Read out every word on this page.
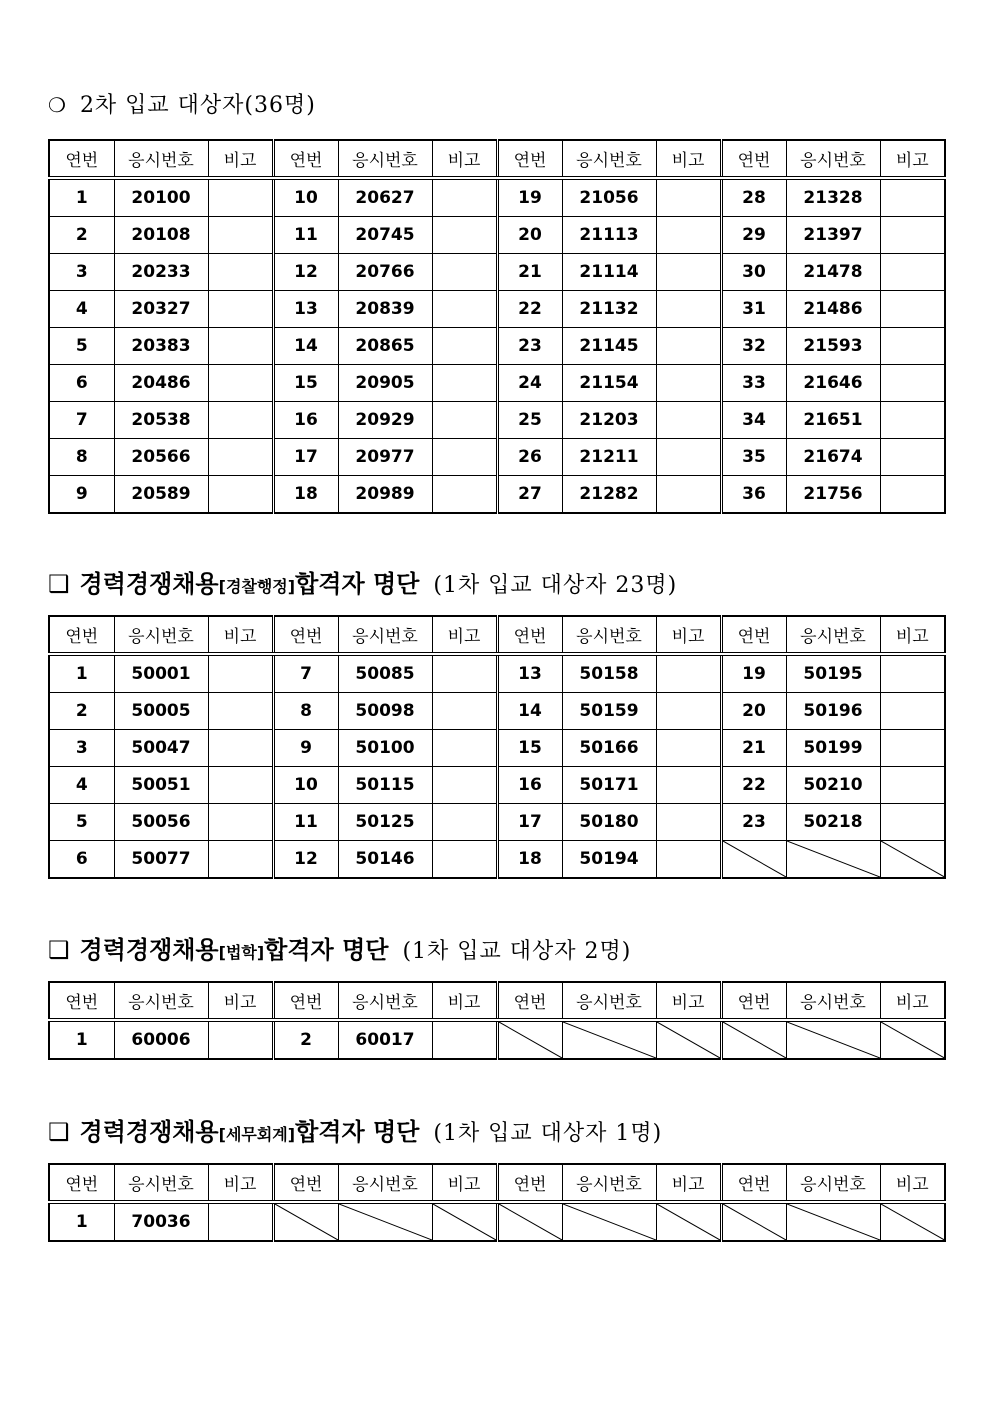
❍ 2차 입교 대상자(36명)
연번	응시번호	비고	연번	응시번호	비고	연번	응시번호	비고	연번	응시번호	비고
1	20100		10	20627		19	21056		28	21328	
2	20108		11	20745		20	21113		29	21397	
3	20233		12	20766		21	21114		30	21478	
4	20327		13	20839		22	21132		31	21486	
5	20383		14	20865		23	21145		32	21593	
6	20486		15	20905		24	21154		33	21646	
7	20538		16	20929		25	21203		34	21651	
8	20566		17	20977		26	21211		35	21674	
9	20589		18	20989		27	21282		36	21756	
❑ 경력경쟁채용 [경찰행정] 합격자 명단 (1차 입교 대상자 23명)
연번	응시번호	비고	연번	응시번호	비고	연번	응시번호	비고	연번	응시번호	비고
1	50001		7	50085		13	50158		19	50195	
2	50005		8	50098		14	50159		20	50196	
3	50047		9	50100		15	50166		21	50199	
4	50051		10	50115		16	50171		22	50210	
5	50056		11	50125		17	50180		23	50218	
6	50077		12	50146		18	50194		

❑ 경력경쟁채용 [법학] 합격자 명단 (1차 입교 대상자 2명)
연번	응시번호	비고	연번	응시번호	비고	연번	응시번호	비고	연번	응시번호	비고
1	60006		2	60017		

❑ 경력경쟁채용 [세무회계] 합격자 명단 (1차 입교 대상자 1명)
연번	응시번호	비고	연번	응시번호	비고	연번	응시번호	비고	연번	응시번호	비고
1	70036		
